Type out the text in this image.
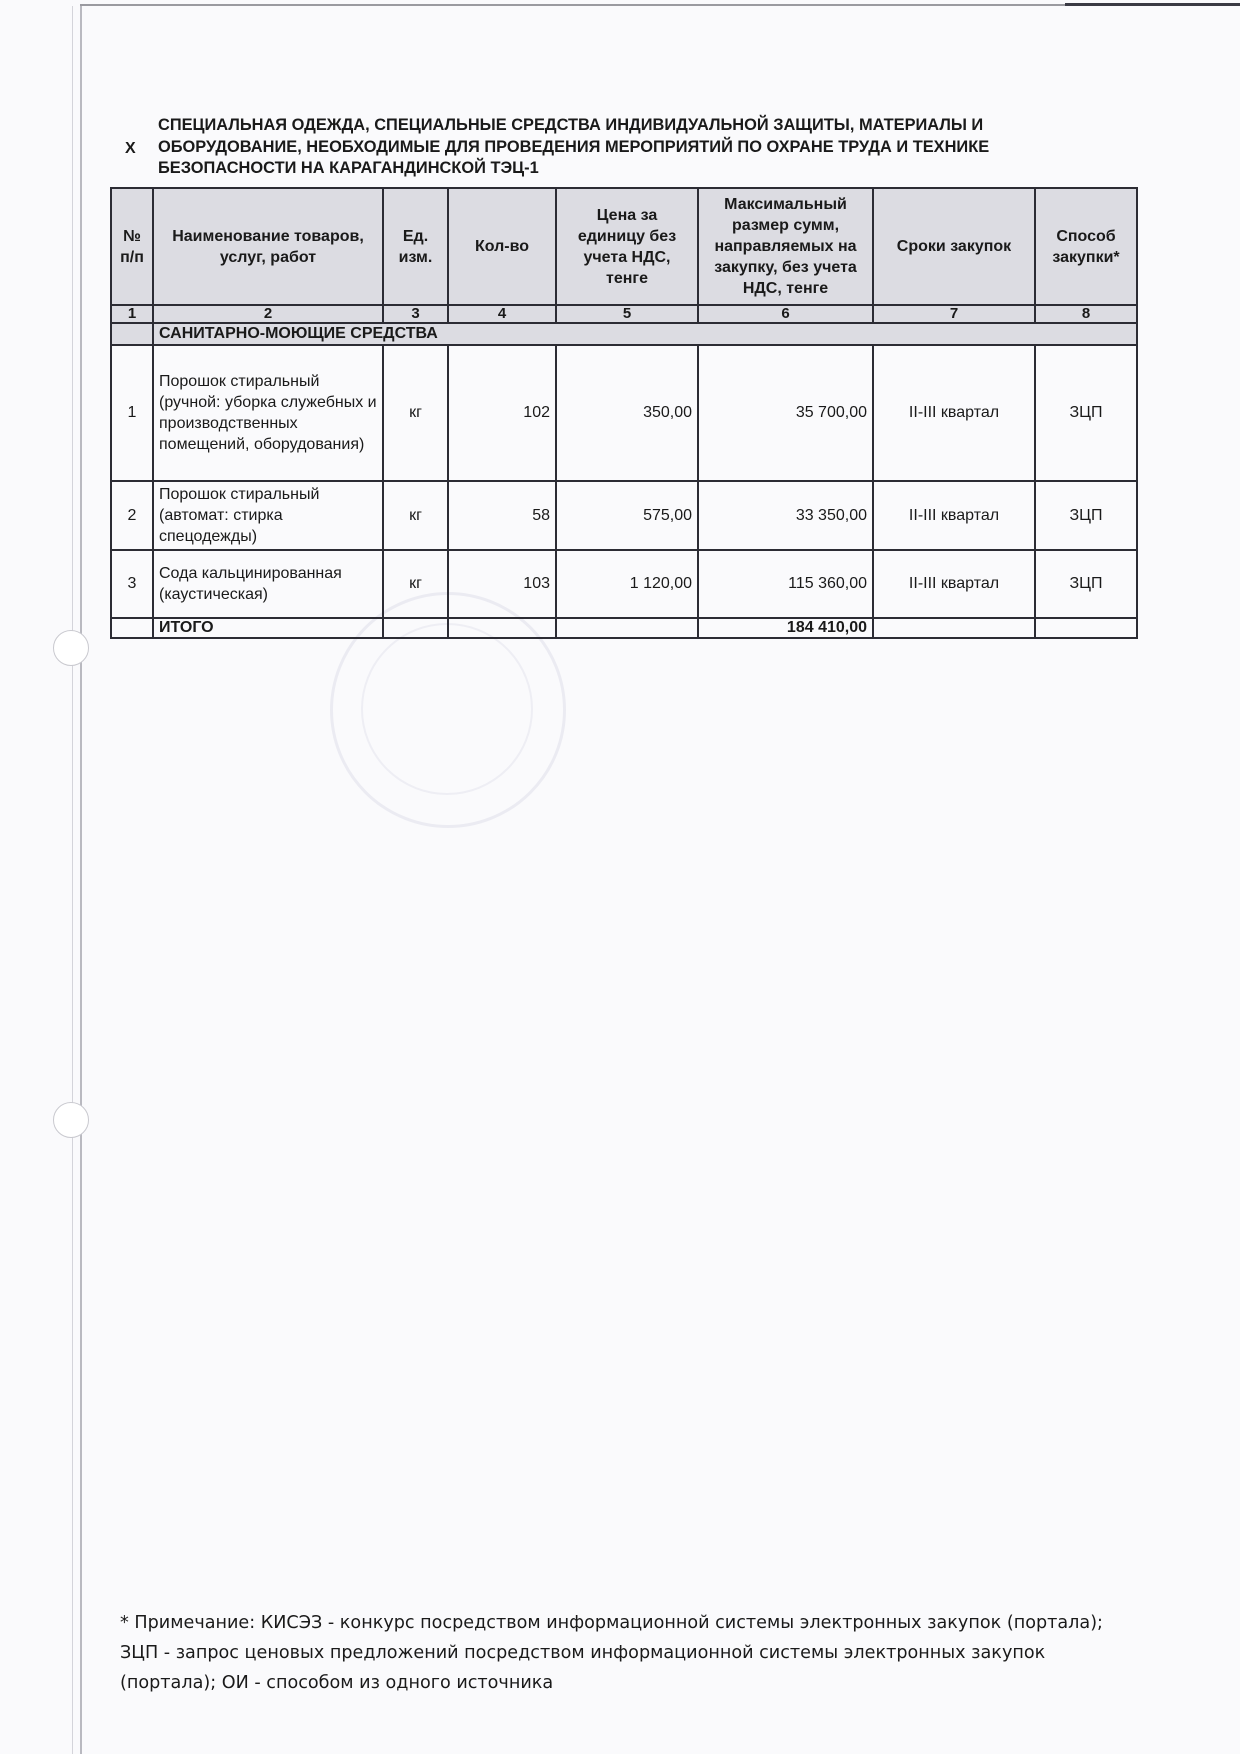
Х
СПЕЦИАЛЬНАЯ ОДЕЖДА, СПЕЦИАЛЬНЫЕ СРЕДСТВА ИНДИВИДУАЛЬНОЙ ЗАЩИТЫ, МАТЕРИАЛЫ И ОБОРУДОВАНИЕ, НЕОБХОДИМЫЕ ДЛЯ ПРОВЕДЕНИЯ МЕРОПРИЯТИЙ ПО ОХРАНЕ ТРУДА И ТЕХНИКЕ БЕЗОПАСНОСТИ НА КАРАГАНДИНСКОЙ ТЭЦ-1
№ п/п	Наименование товаров, услуг, работ	Ед. изм.	Кол-во	Цена за единицу без учета НДС, тенге	Максимальный размер сумм, направляемых на закупку, без учета НДС, тенге	Сроки закупок	Способ закупки*
1	2	3	4	5	6	7	8
	САНИТАРНО-МОЮЩИЕ СРЕДСТВА						
1	Порошок стиральный (ручной: уборка служебных и производственных помещений, оборудования)	кг	102	350,00	35 700,00	II-III квартал	ЗЦП
2	Порошок стиральный (автомат: стирка спецодежды)	кг	58	575,00	33 350,00	II-III квартал	ЗЦП
3	Сода кальцинированная (каустическая)	кг	103	1 120,00	115 360,00	II-III квартал	ЗЦП
	ИТОГО				184 410,00		
* Примечание: КИСЭЗ - конкурс посредством информационной системы электронных закупок (портала); ЗЦП - запрос ценовых предложений посредством информационной системы электронных закупок (портала); ОИ - способом из одного источника
